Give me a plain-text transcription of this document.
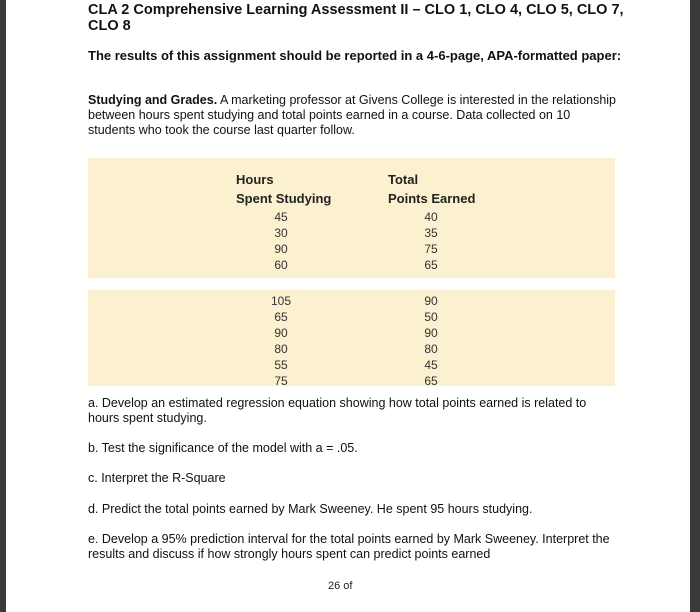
CLA 2 Comprehensive Learning Assessment II – CLO 1, CLO 4, CLO 5, CLO 7, CLO 8
The results of this assignment should be reported in a 4-6-page, APA-formatted paper:
Studying and Grades. A marketing professor at Givens College is interested in the relationship between hours spent studying and total points earned in a course. Data collected on 10 students who took the course last quarter follow.
Hours
Spent Studying
Total
Points Earned
45
30
90
60
40
35
75
65
105
65
90
80
55
75
90
50
90
80
45
65
a. Develop an estimated regression equation showing how total points earned is related to hours spent studying.
b. Test the significance of the model with a = .05.
c. Interpret the R-Square
d. Predict the total points earned by Mark Sweeney. He spent 95 hours studying.
e. Develop a 95% prediction interval for the total points earned by Mark Sweeney. Interpret the results and discuss if how strongly hours spent can predict points earned
26 of
